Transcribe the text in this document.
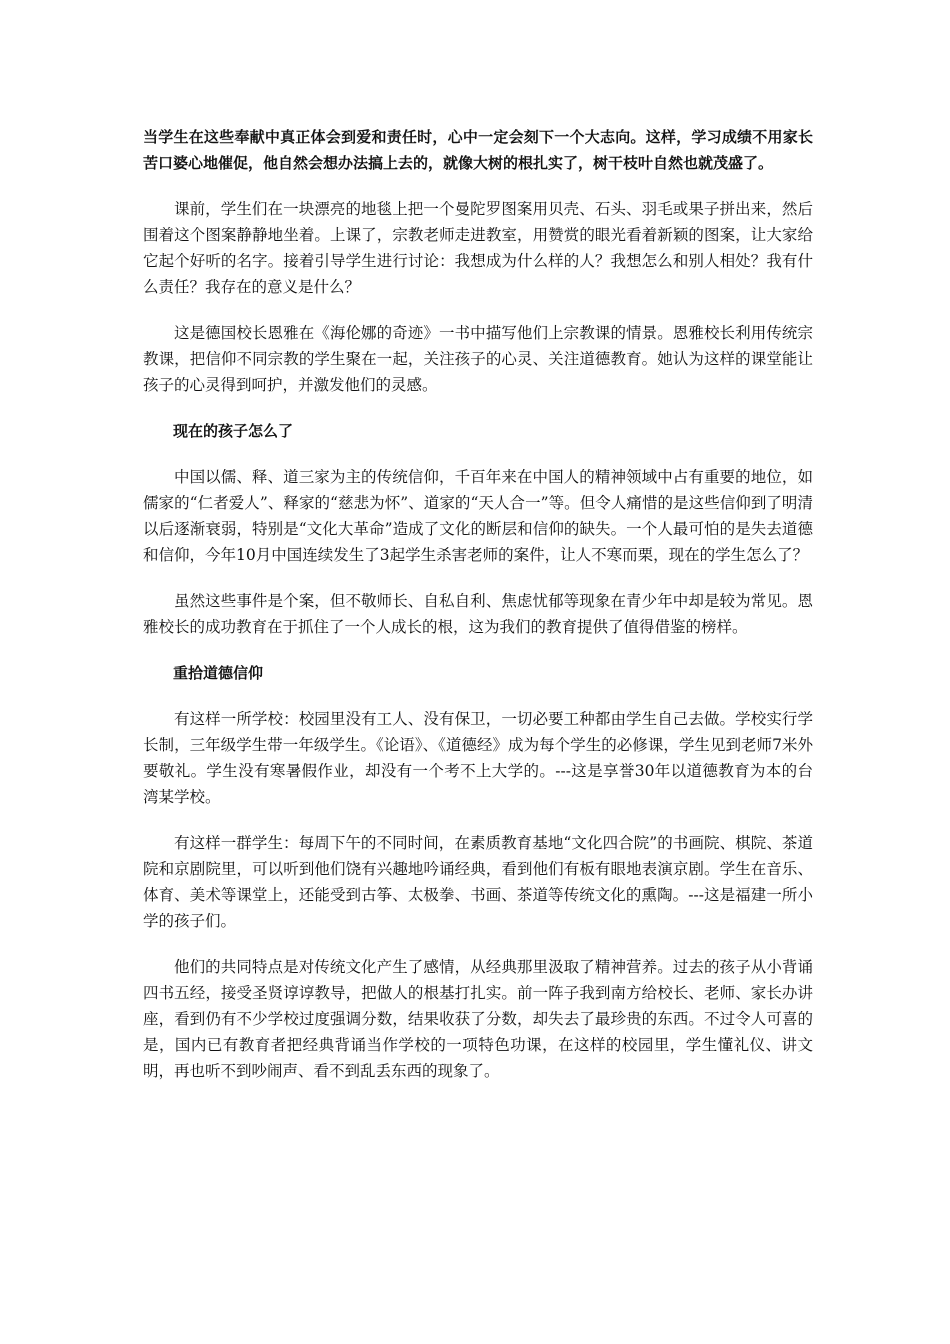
当学生在这些奉献中真正体会到爱和责任时，心中一定会刻下一个大志向。这样，学习成绩不用家长苦口婆心地催促，他自然会想办法搞上去的，就像大树的根扎实了，树干枝叶自然也就茂盛了。

课前，学生们在一块漂亮的地毯上把一个曼陀罗图案用贝壳、石头、羽毛或果子拼出来，然后围着这个图案静静地坐着。上课了，宗教老师走进教室，用赞赏的眼光看着新颖的图案，让大家给它起个好听的名字。接着引导学生进行讨论：我想成为什么样的人？我想怎么和别人相处？我有什么责任？我存在的意义是什么？

这是德国校长恩雅在《海伦娜的奇迹》一书中描写他们上宗教课的情景。恩雅校长利用传统宗教课，把信仰不同宗教的学生聚在一起，关注孩子的心灵、关注道德教育。她认为这样的课堂能让孩子的心灵得到呵护，并激发他们的灵感。

现在的孩子怎么了

中国以儒、释、道三家为主的传统信仰，千百年来在中国人的精神领域中占有重要的地位，如儒家的“仁者爱人”、释家的“慈悲为怀”、道家的“天人合一”等。但令人痛惜的是这些信仰到了明清以后逐渐衰弱，特别是“文化大革命”造成了文化的断层和信仰的缺失。一个人最可怕的是失去道德和信仰，今年10月中国连续发生了3起学生杀害老师的案件，让人不寒而栗，现在的学生怎么了？

虽然这些事件是个案，但不敬师长、自私自利、焦虑忧郁等现象在青少年中却是较为常见。恩雅校长的成功教育在于抓住了一个人成长的根，这为我们的教育提供了值得借鉴的榜样。

重拾道德信仰

有这样一所学校：校园里没有工人、没有保卫，一切必要工种都由学生自己去做。学校实行学长制，三年级学生带一年级学生。《论语》、《道德经》成为每个学生的必修课，学生见到老师7米外要敬礼。学生没有寒暑假作业，却没有一个考不上大学的。---这是享誉30年以道德教育为本的台湾某学校。

有这样一群学生：每周下午的不同时间，在素质教育基地“文化四合院”的书画院、棋院、茶道院和京剧院里，可以听到他们饶有兴趣地吟诵经典，看到他们有板有眼地表演京剧。学生在音乐、体育、美术等课堂上，还能受到古筝、太极拳、书画、茶道等传统文化的熏陶。---这是福建一所小学的孩子们。

他们的共同特点是对传统文化产生了感情，从经典那里汲取了精神营养。过去的孩子从小背诵四书五经，接受圣贤谆谆教导，把做人的根基打扎实。前一阵子我到南方给校长、老师、家长办讲座，看到仍有不少学校过度强调分数，结果收获了分数，却失去了最珍贵的东西。不过令人可喜的是，国内已有教育者把经典背诵当作学校的一项特色功课，在这样的校园里，学生懂礼仪、讲文明，再也听不到吵闹声、看不到乱丢东西的现象了。
